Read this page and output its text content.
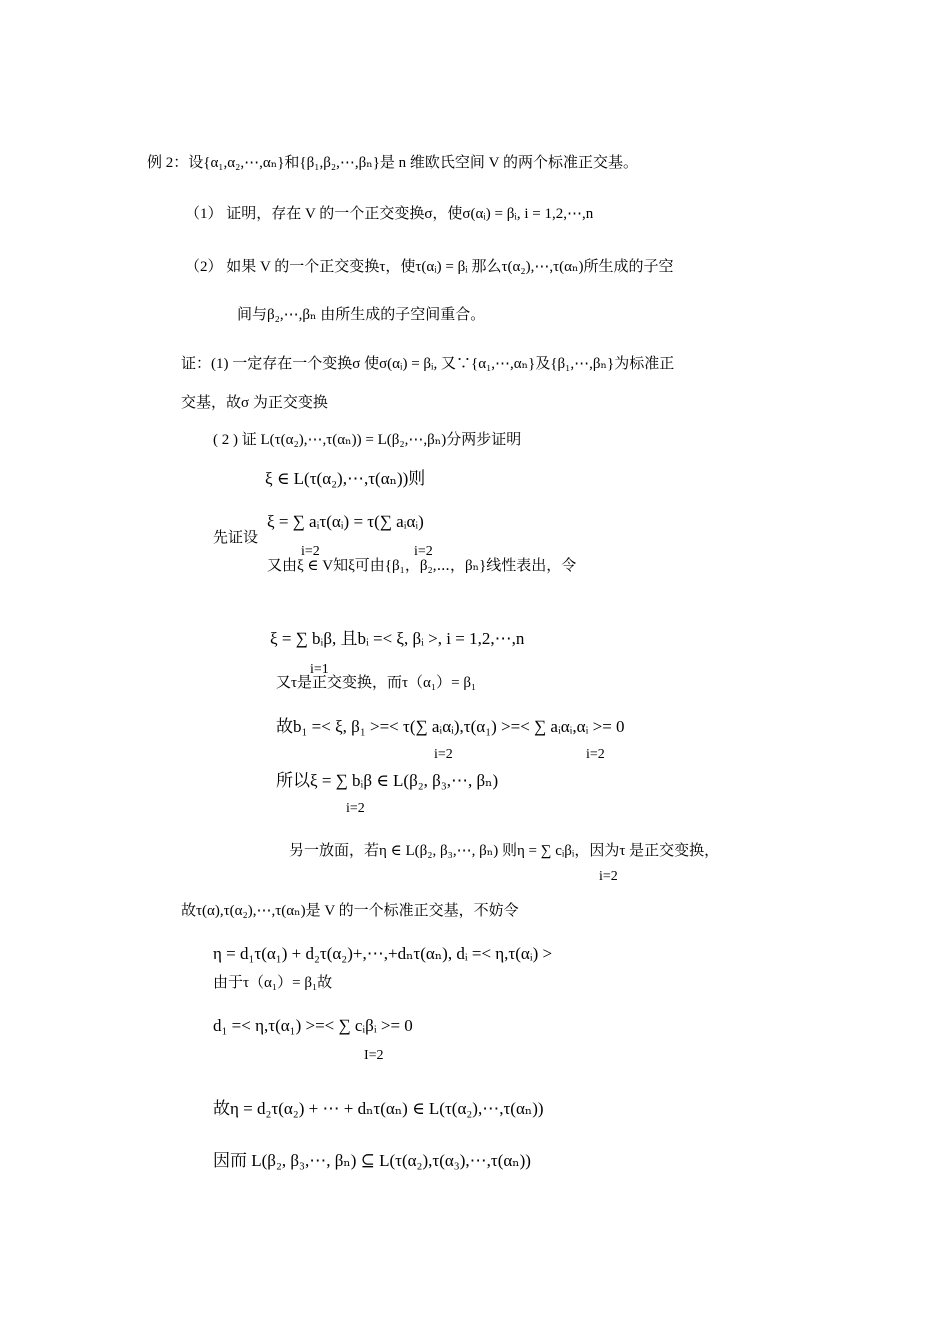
例 2：设{α₁,α₂,⋯,αₙ}和{β₁,β₂,⋯,βₙ}是 n 维欧氏空间 V 的两个标准正交基。
（1） 证明，存在 V 的一个正交变换σ，使σ(αᵢ) = βᵢ, i = 1,2,⋯,n
（2） 如果 V 的一个正交变换τ，使τ(αᵢ) = βᵢ 那么τ(α₂),⋯,τ(αₙ)所生成的子空
间与β₂,⋯,βₙ 由所生成的子空间重合。
证：(1) 一定存在一个变换σ 使σ(αᵢ) = βᵢ, 又∵{α₁,⋯,αₙ}及{β₁,⋯,βₙ}为标准正
交基，故σ 为正交变换
( 2 ) 证 L(τ(α₂),⋯,τ(αₙ)) = L(β₂,⋯,βₙ)分两步证明
ξ ∈ L(τ(α₂),⋯,τ(αₙ))则
ξ = ∑ aᵢτ(αᵢ) = τ(∑ aᵢαᵢ)
先证设
i=2	i=2
又由ξ ∈ V知ξ可由{β₁，β₂,⋯，βₙ}线性表出，令
ξ = ∑ bᵢβ, 且bᵢ =< ξ, βᵢ >, i = 1,2,⋯,n
i=1
又τ是正交变换，而τ（α₁）= β₁
故b₁ =< ξ, β₁ >=< τ(∑ aᵢαᵢ),τ(α₁) >=< ∑ aᵢαᵢ,αᵢ >= 0
i=2	i=2
所以ξ = ∑ bᵢβ ∈ L(β₂, β₃,⋯, βₙ)
i=2
另一放面，若η ∈ L(β₂, β₃,⋯, βₙ) 则η = ∑ cᵢβᵢ，因为τ 是正交变换，
i=2
故τ(α),τ(α₂),⋯,τ(αₙ)是 V 的一个标准正交基，不妨令
η = d₁τ(α₁) + d₂τ(α₂)+,⋯,+dₙτ(αₙ), dᵢ =< η,τ(αᵢ) >
由于τ（α₁）= β₁故
d₁ =< η,τ(α₁) >=< ∑ cᵢβᵢ >= 0
I=2
故η = d₂τ(α₂) + ⋯ + dₙτ(αₙ) ∈ L(τ(α₂),⋯,τ(αₙ))
因而 L(β₂, β₃,⋯, βₙ) ⊆ L(τ(α₂),τ(α₃),⋯,τ(αₙ))
